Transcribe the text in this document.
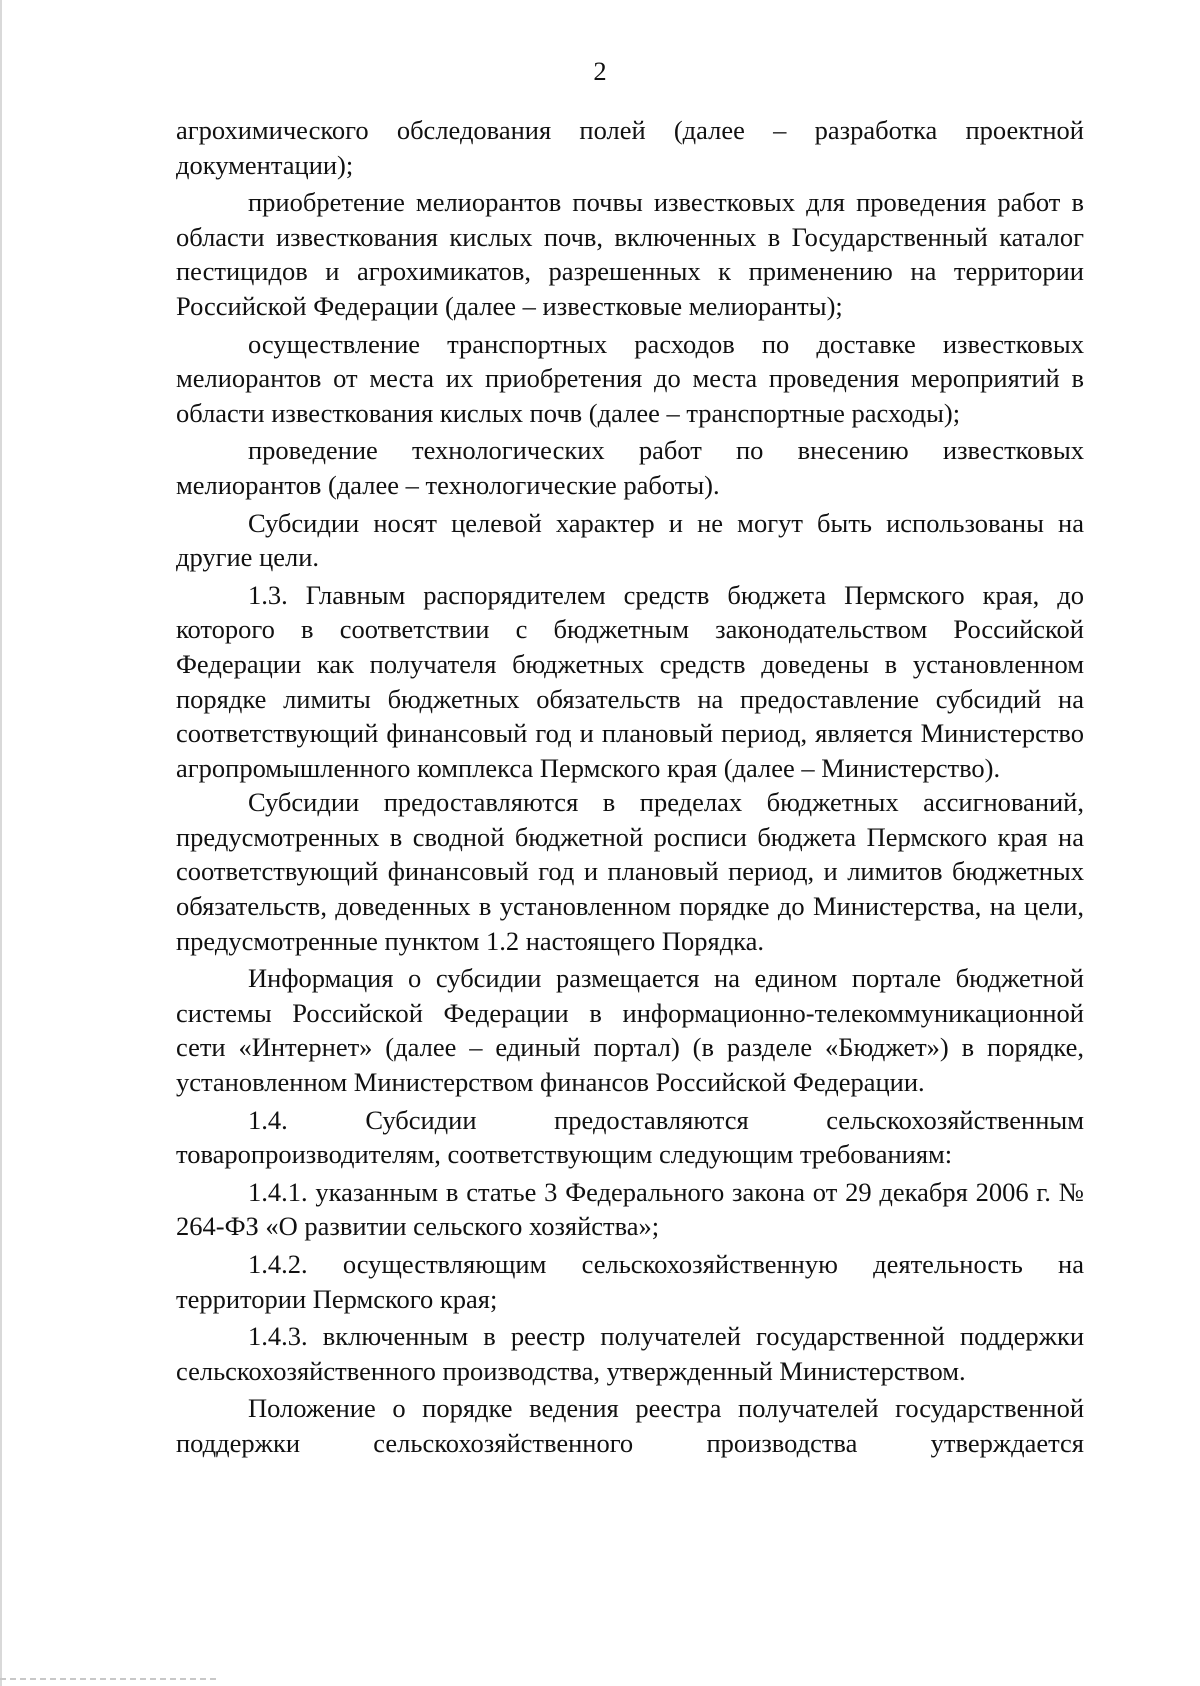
2

агрохимического обследования полей (далее – разработка проектной документации);

приобретение мелиорантов почвы известковых для проведения работ в области известкования кислых почв, включенных в Государственный каталог пестицидов и агрохимикатов, разрешенных к применению на территории Российской Федерации (далее – известковые мелиоранты);

осуществление транспортных расходов по доставке известковых мелиорантов от места их приобретения до места проведения мероприятий в области известкования кислых почв (далее – транспортные расходы);

проведение технологических работ по внесению известковых мелиорантов (далее – технологические работы).

Субсидии носят целевой характер и не могут быть использованы на другие цели.

1.3. Главным распорядителем средств бюджета Пермского края, до которого в соответствии с бюджетным законодательством Российской Федерации как получателя бюджетных средств доведены в установленном порядке лимиты бюджетных обязательств на предоставление субсидий на соответствующий финансовый год и плановый период, является Министерство агропромышленного комплекса Пермского края (далее – Министерство).

Субсидии предоставляются в пределах бюджетных ассигнований, предусмотренных в сводной бюджетной росписи бюджета Пермского края на соответствующий финансовый год и плановый период, и лимитов бюджетных обязательств, доведенных в установленном порядке до Министерства, на цели, предусмотренные пунктом 1.2 настоящего Порядка.

Информация о субсидии размещается на едином портале бюджетной системы Российской Федерации в информационно-телекоммуникационной сети «Интернет» (далее – единый портал) (в разделе «Бюджет») в порядке, установленном Министерством финансов Российской Федерации.

1.4. Субсидии предоставляются сельскохозяйственным товаропроизводителям, соответствующим следующим требованиям:

1.4.1. указанным в статье 3 Федерального закона от 29 декабря 2006 г. № 264-ФЗ «О развитии сельского хозяйства»;

1.4.2. осуществляющим сельскохозяйственную деятельность на территории Пермского края;

1.4.3. включенным в реестр получателей государственной поддержки сельскохозяйственного производства, утвержденный Министерством.

Положение о порядке ведения реестра получателей государственной поддержки сельскохозяйственного производства утверждается
